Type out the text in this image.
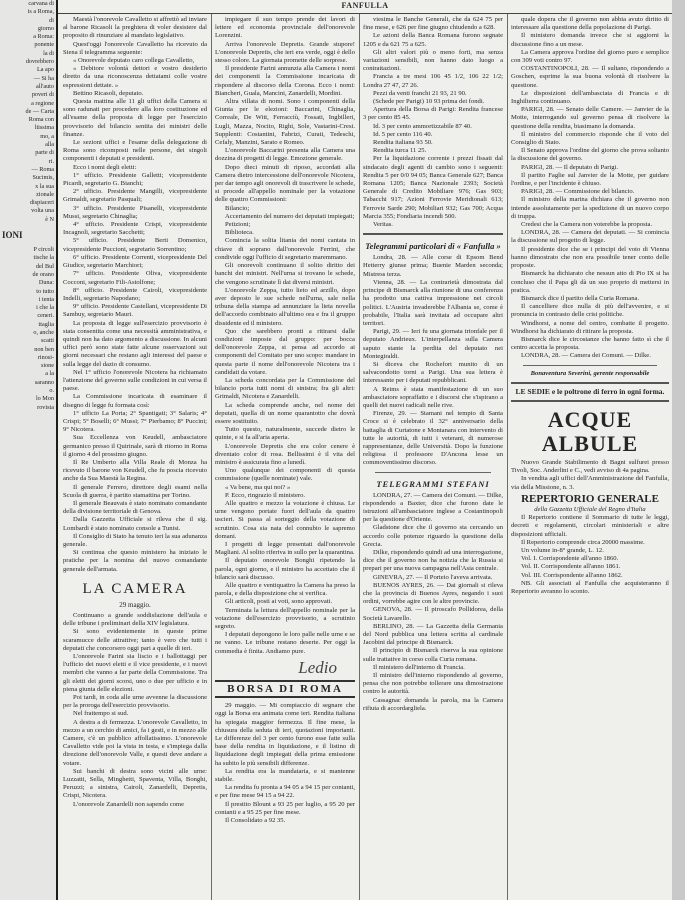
carvana di
is a Roma,
di
giorno
a Roma:
ponente
la di
dovrebbero
La apo
— Si ha
all'auto
poveri di
a regione
de — Carta
Roma con
ltissima
mo, a
alla
parte di
ri.
— Roma
Sucimis,
x la sua
zionale
dispiaceri
volta una
è N
IONI
P circoli
tische la
del Bul
de orano
Duna:
to tutto
i tenta
i che la
ceneri.
ttaglia
o, anche
scatti
non ben
rinosi-
sione
a la
saranno
o.
lo Mon
rovista
FANFULLA

Maestà l'onorevole Cavalletto si affrettò ad inviare al barone Ricasoli la preghiera di voler desistere dal proposito di rinunziare al mandato legislativo.

Quest'oggi l'onorevole Cavalletto ha ricevuto da Siena il telegramma seguente:

« Onorevole deputato caro collega Cavalletto,

« Debitore volontà dettori e vostro desiderio diretto da una riconoscenza dettatami colle vostre espressioni dettate. »

Bettino Ricasoli, deputato.

Questa mattina alle 11 gli uffici della Camera si sono radunati per procedere alla loro costituzione ed all'esame della proposta di legge per l'esercizio provvisorio del bilancio sentita dei ministri delle finanze.

Le sezioni uffici e l'esame della delegazione di Roma sono ricomposti nelle persone, dei singoli componenti i deputati e presidenti.

Ecco i nomi degli eletti:

1° ufficio. Presidente Galletti; vicepresidente Picardi, segretario G. Bianchi;

2° ufficio. Presidente Mangilli, vicepresidente Grimaldi, segretario Pasquali;

3° ufficio. Presidente Pisanelli, vicepresidente Mussi, segretario Chinaglia;

4° ufficio. Presidente Crispi, vicepresidente Incagnoli, segretario Sacchetti;

5° ufficio. Presidente Berti Domenico, vicepresidente Puccioni, segretario Sorrentino;

6° ufficio. Presidente Correnti, vicepresidente Del Giudice, segretario Marchiori;

7° ufficio. Presidente Oliva, vicepresidente Cocconi, segretario Fili-Astolfone;

8° ufficio. Presidente Cairoli, vicepresidente Indelli, segretario Napodano;

9° ufficio. Presidente Castellani, vicepresidente Di Sambuy, segretario Mauri.

La proposta di legge sull'esercizio provvisorio è stata consentita come una necessità amministrativa, e quindi non ha dato argomento a discussione. In alcuni uffici però sono state fatte alcune osservazioni sui giorni necessari che restano agli interessi del paese e sulla legge del dazio di consumo.

Nel 1° ufficio l'onorevole Nicotera ha richiamato l'attenzione del governo sulle condizioni in cui versa il paese.

La Commissione incaricata di esaminare il disegno di legge fu formata così:

1° ufficio La Porta; 2° Spantigati; 3° Salaris; 4° Crispi; 5° Boselli; 6° Mussi; 7° Pierbamo; 8° Puccini; 9° Nicotera.

Sua Eccellenza von Keudell, ambasciatore germanico presso il Quirinale, sarà di ritorno in Roma il giorno 4 del prossimo giugno.

Il Re Umberto alla Villa Reale di Monza ha ricevuto il barone von Keudell, che fu poscia ricevuto anche da Sua Maestà la Regina.

Il generale Ferrero, direttore degli esami nella Scuola di guerra, è partito stamattina per Torino.

Il generale Beauvais è stato nominato comandante della divisione territoriale di Genova.

Dalla Gazzetta Ufficiale si rileva che il sig. Lombardi è stato nominato console a Tunisi.

Il Consiglio di Stato ha tenuto ieri la sua adunanza generale.

Si continua che questo ministero ha iniziato le pratiche per la nomina del nuovo comandante generale dell'armata.

LA CAMERA
29 maggio.

Continuano a grande soddisfazione dell'aula e delle tribune i preliminari della XIV legislatura.

Si sono evidentemente in queste prime scaramucce delle attrattive; tanto è vero che tutti i deputati che concorsero oggi pari a quelle di ieri.

L'onorevole Farini sia liscio e i ballottaggi per l'ufficio dei nuovi eletti e il vice presidente, e i nuovi membri che vanno a far parte della Commissione. Tra gli eletti dei giorni scorsi, uno o due per ufficio e in piena giunta delle elezioni.

Poi tardi, in coda alle urne avvenne la discussione per la proroga dell'esercizio provvisorio.

Nel frattempo si sud.

A destra a di fermezza. L'onorevole Cavalletto, in mezzo a un cerchio di amici, fa i gesti, e in mezzo alle Camere, c'è un pubblico affollatissimo. L'onorevole Cavalletto vide poi la vista in testa, e s'impiega dalla direzione dell'onorevole Valle, e questi deve andare a votare.

Sui banchi di destra sono vicini alle urne: Luzzatti, Sella, Minghetti, Spaventa, Villa, Bonghi, Peruzzi; a sinistra, Cairoli, Zanardelli, Depretis, Crispi, Nicotera.

L'onorevole Zanardelli non sapendo come

impiegare il suo tempo prende dei lavori di lettere ed economia provinciale dell'onorevole Lorenzini.

Arriva l'onorevole Depretis. Grande stupore! L'onorevole Depretis, che ieri era verde, oggi è dello stesso colore. La giornata promette delle sorprese.

Il presidente Farini annunzia alla Camera i nomi dei componenti la Commissione incaricata di rispondere al discorso della Corona. Ecco i nomi: Biancheri, Guala, Mancini, Zanardelli, Mordini.

Altra villata di nomi. Sono i componenti della Giunta per le elezioni: Baccarini, Chinaglia, Correale, De Witt, Ferracciù, Fossati, Ingbilleri, Lugli, Mazza, Nocito, Righi, Sole, Vastarini-Cresi. Supplenti: Costantini, Fabrizi, Curati, Tedeschi, Cefaly, Manzini, Sarato e Romeo.

L'onorevole Baccarini presenta alla Camera una dozzina di progetti di legge. Emozione generale.

Dopo dieci minuti di riposo, accordati alla Camera dietro intercessione dell'onorevole Nicotera, per dar tempo agli onorevoli di trascrivere le schede, si procede all'appello nominale per la votazione delle quattro Commissioni:

Bilancio;

Accertamento del numero dei deputati impiegati;

Petizioni;

Biblioteca.

Comincia la solita litania dei nomi cantata in chiave di soprano dall'onorevole Ferrini, che condivide oggi l'ufficio di segretario maremmano.

Gli onorevoli continuano il solito diritto dei banchi dei ministri. Nell'urna si trovano le schede, che vengono scrutinate lì dai diversi ministri.

L'onorevole Zeppa, tutto lieto ed arzillo, dopo aver deposto le sue schede nell'urna, sale nella tribuna della stampa ad annunziare la lieta novella dell'accordo combinato all'ultimo ora e fra il gruppo dissidente ed il ministero.

Quo che sarebbero pronti a ritirarsi dalle condizioni imposte dal gruppo: per bocca dell'onorevole Zeppa, si pensa ad accordo ai componenti del Comitato per uno scopo: mandare in questa parte il nome dell'onorevole Nicotera tra i candidati da votare.

La scheda concordata per la Commissione del bilancio porta tutti nomi di sinistra; fra gli altri: Grimaldi, Nicotera e Zanardelli.

La scheda comprende anche, nel nome dei deputati, quella di un nome quarantotto che dovrà essere sostituito.

Tutto questo, naturalmente, succede dietro le quinte, e si fa all'aria aperta.

L'onorevole Depretis che era color cenere è diventato color di rosa. Bellissimi è il vita del ministro è assicurata fino a lunedì.

Uno qualunque dei componenti di questa commissione (quelle nominate) vale.

« Va bene, ma qui noi? »

P. Ecco, ringrazio il ministero.

Alle quattro e mezzo la votazione è chiusa. Le urne vengono portate fuori dell'aula da quattro uscieri. Si passa al sorteggio della votazione di scrutinio. Cosa sia nata del connubio le sapremo domani.

I progetti di legge presentati dall'onorevole Magliani. Al solito riferiva in sullo per la quarantina.

Il deputato onorevole Bonghi ripetendo la parola, ogni giorno, e il ministro ha accettato che il bilancio sarà discusso.

Alle quattro e ventiquattro la Camera ha preso la parola, e della disposizione che si verifica.

Gli articoli, posti ai voti, sono approvati.

Terminata la lettura dell'appello nominale per la votazione dell'esercizio provvisorio, a scrutinio segreto.

I deputati depongono le loro palle nelle urne e se ne vanno. Le tribune restano deserte. Per oggi la commedia è finita. Andiamo pure.

Ledio
BORSA DI ROMA

29 maggio. — Mi compiaccio di segnare che oggi la Borsa era animata come ieri. Rendita italiana ha spiegata maggior fermezza. Il fine mese, la chiusura della seduta di ieri, quotazioni importanti. Le differenze del 3 per cento furono esse fatte sulla base della rendita in liquidazione, e il listino di liquidazione degli impiegati della prima emissione ha subito le più sensibili differenze.

La rendita era la mandataria, e si mantenne stabile.

La rendita fu pronta a 94 05 a 94 15 per contanti, e per fine mese 94 15 a 94 22.

Il prestito Blount a 93 25 per luglio, a 95 20 per contanti e a 95 25 per fine mese.

Il Consolidato a 92 35.

viesima le Banche Generali, che da 624 75 per fine mese, e 626 per fine giugno chiudendo a 628.

Le azioni della Banca Romana furono segnate 1205 e da 621 75 a 625.

Gli altri valori più o meno forti, ma senza variazioni sensibili, non hanno dato luogo a contrattazioni.

Francia a tre mesi 106 45 1/2, 106 22 1/2; Londra 27 47, 27 26.

Pezzi da venti franchi 21 93, 21 90.

(Schede per Parigi) 10 93 prima dei fondi.

Apertura della Borsa di Parigi: Rendita francese 3 per cento 85 45.

Id. 3 per cento ammortizzabile 87 40.

Id. 5 per cento 116 40.

Rendita italiana 93 50.

Rendita turca 11 25.

Per la liquidazione corrente i prezzi fissati dal sindacato degli agenti di cambio sono i seguenti: Rendita 5 per 0/0 94 05; Banca Generale 627; Banca Romana 1205; Banca Nazionale 2393; Società Generale di Credito Mobiliare 976; Gas 903; Tabacchi 917; Azioni Ferrovie Meridionali 613; Ferrovie Sarde 290; Mobiliari 932; Gas 700; Acqua Marcia 355; Fondiaria incendi 500.

Veritas.

Telegrammi particolari di « Fanfulla »

Londra, 28. — Alle corse di Epsom Bend Hetterry giunse prima; Buenie Marden seconda; Mistress terza.

Vienna, 28. — La contrarietà dimostrata dal principe di Bismarck alla riunione di una conferenza ha prodotto una cattiva impressione nei circoli politici. L'Austria invaderebbe l'Albania se, come è probabile, l'Italia sarà invitata ad occupare altri territori.

Parigi, 29. — Ieri fu una giornata trionfale per il deputato Andrieux. L'interpellanza sulla Camera saputo stante la perdita del deputato nei Montegiraldi.

Si diceva che Rochefort munito di un salvacondotto torni a Parigi. Una sua lettera è interessante per i deputati repubblicani.

A Reims è stata manifestazione di un suo ambasciatore sopraffatto e i discorsi che s'ispirano a quelli dei nuovi radicali nelle rive.

Firenze, 29. — Stamani nel tempio di Santa Croce si è celebrato il 32° anniversario della battaglia di Curtatone e Montanara con intervento di tutte le autorità, di tutti i veterani, di numerose rappresentanze, delle Università. Dopo la funzione religiosa il professore D'Ancona lesse un commoventissimo discorso.

TELEGRAMMI STEFANI

LONDRA, 27. — Camera dei Comuni. — Dilke, rispondendo a Baxter, dice che furono date le istruzioni all'ambasciatore inglese a Costantinopoli per la questione d'Oriente.

Gladstone dice che il governo sta cercando un accordo colle potenze riguardo la questione della Grecia.

Dilke, rispondendo quindi ad una interrogazione, dice che il governo non ha notizia che la Russia si prepari per una nuova campagna nell'Asia centrale.

GINEVRA, 27. — Il Porteio l'aveva arrivata.

BUENOS AYRES, 26. — Dai giornali si rileva che la provincia di Buenos Ayres, negando i suoi ordini, vorrebbe agire con le altre provincie.

GENOVA, 28. — Il piroscafo Pollidorea, della Società Lavarello.

BERLINO, 28. — La Gazzetta della Germania del Nord pubblica una lettera scritta al cardinale Jacobini dal principe di Bismarck.

Il principio di Bismarck riserva la sua opinione sulle trattative in corso colla Curia romana.

Il ministero dell'interno di Francia.

Il ministro dell'interno rispondendo al governo, pensa che non potrebbe tollerare una dimostrazione contro le autorità.

Cassagnac domanda la parola, ma la Camera rifiuta di accordargliela.

quale dopera che il governo non abbia avuto diritto di interessare alla questione della popolazione di Parigi.

Il ministero domanda invece che si aggiorni la discussione fino a un mese.

La Camera approva l'ordine del giorno puro e semplice con 309 voti contro 97.

COSTANTINOPOLI, 28. — Il sultano, rispondendo a Goschen, esprime la sua buona volontà di risolvere la questione.

Le disposizioni dell'ambasciata di Francia e di Inghilterra continuano.

PARIGI, 28. — Senato delle Camere. — Janvier de la Motte, interrogando sul governo pensa di risolvere la questione della rendita, biasimano la domanda.

Il ministro del commercio risponde che il voto del Consiglio di Stato.

Il Senato approva l'ordine del giorno che prova soltanto la discussione del governo.

PARIGI, 28. — Il deputato di Parigi.

Il partito Faglie sul Janvier de la Motte, per guidare l'ordine, e per l'incidente è chiuso.

PARIGI, 28. — Commissione del bilancio.

Il ministro della marina dichiara che il governo non intende assolutamente per la spedizione di un nuovo corpo di truppa.

Credesi che la Camera non voterebbe la proposta.

LONDRA, 28. — Camera dei deputati. — Si comincia la discussione sul progetto di legge.

Il presidente dice che se i principi del voto di Vienna hanno dimostrato che non era possibile tener conto delle proposte.

Bismarck ha dichiarato che nessun atto di Pio IX si ha concluso che il Papa gli dà un suo proprio di mettersi in pratica.

Bismarck dice il partito della Curia Romana.

Il cancelliere dice nulla di più dell'avvenire, e si pronuncia in contrasto delle crisi politiche.

Windhorst, a nome del centro, combatte il progetto. Windhorst ha dichiarato di ritirare la proposta.

Bismarck dice le circostanze che hanno fatto sì che il centro accetta la proposta.

LONDRA, 28. — Camera dei Comuni. — Dilke.

Bonaventura Severini, gerente responsabile
LE SEDIE e le poltrone di ferro in ogni forma.
ACQUE ALBULE

Nuovo Grande Stabilimento di Bagni sulfurei presso Tivoli, Soc. Anderlini e C., vedi avviso di 4a pagina.

In vendita agli uffici dell'Amministrazione del Fanfulla, via della Missione, n. 3.

REPERTORIO GENERALE
della Gazzetta Ufficiale del Regno d'Italia

Il Repertorio contiene il Sommario di tutte le leggi, decreti e regolamenti, circolari ministeriali e altre disposizioni ufficiali.

Il Repertorio comprende circa 20000 massime.

Un volume in-8° grande, L. 12.

Vol. I. Corrispondente all'anno 1860.

Vol. II. Corrispondente all'anno 1861.

Vol. III. Corrispondente all'anno 1862.

NB. Gli associati al Fanfulla che acquisteranno il Repertorio avranno lo sconto.
